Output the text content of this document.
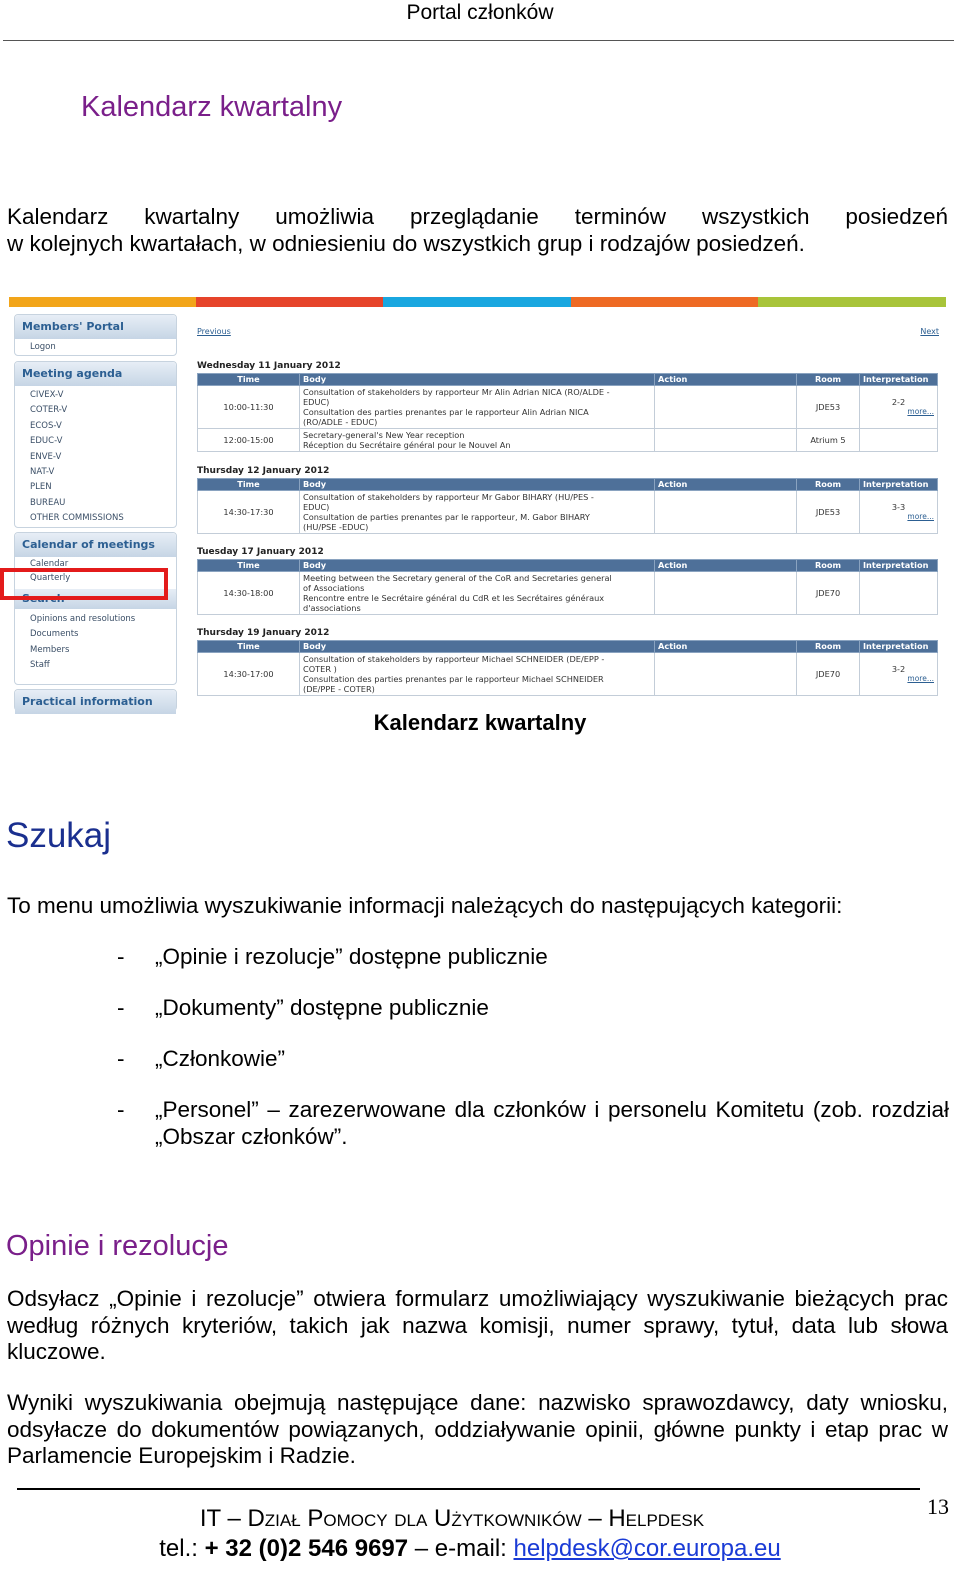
Portal członków
Kalendarz kwartalny
Kalendarz kwartalny umożliwia przeglądanie terminów wszystkich posiedzeń
w kolejnych kwartałach, w odniesieniu do wszystkich grup i rodzajów posiedzeń.
Members' Portal
Logon
Meeting agenda
CIVEX-V
COTER-V
ECOS-V
EDUC-V
ENVE-V
NAT-V
PLEN
BUREAU
OTHER COMMISSIONS
Calendar of meetings
Calendar
Quarterly
Search
Opinions and resolutions
Documents
Members
Staff
Practical information
Previous	Next
Wednesday 11 January 2012
Time	Body	Action	Room	Interpretation
10:00-11:30	Consultation of stakeholders by rapporteur Mr Alin Adrian NICA (RO/ALDE -
EDUC)
Consultation des parties prenantes par le rapporteur Alin Adrian NICA
(RO/ADLE - EDUC)		JDE53	2-2
more...

12:00-15:00	Secretary-general's New Year reception
Réception du Secrétaire général pour le Nouvel An		Atrium 5	
Thursday 12 January 2012
Time	Body	Action	Room	Interpretation
14:30-17:30	Consultation of stakeholders by rapporteur Mr Gabor BIHARY (HU/PES -
EDUC)
Consultation de parties prenantes par le rapporteur, M. Gabor BIHARY
(HU/PSE -EDUC)		JDE53	3-3
more...
Tuesday 17 January 2012
Time	Body	Action	Room	Interpretation
14:30-18:00	Meeting between the Secretary general of the CoR and Secretaries general
of Associations
Rencontre entre le Secrétaire général du CdR et les Secrétaires généraux
d'associations		JDE70	
Thursday 19 January 2012
Time	Body	Action	Room	Interpretation
14:30-17:00	Consultation of stakeholders by rapporteur Michael SCHNEIDER (DE/EPP -
COTER )
Consultation des parties prenantes par le rapporteur Michael SCHNEIDER
(DE/PPE - COTER)		JDE70	3-2
more...
Kalendarz kwartalny
Szukaj
To menu umożliwia wyszukiwanie informacji należących do następujących kategorii:
- „Opinie i rezolucje” dostępne publicznie
- „Dokumenty” dostępne publicznie
- „Członkowie”
- „Personel” – zarezerwowane dla członków i personelu Komitetu (zob. rozdział „Obszar członków”.
Opinie i rezolucje
Odsyłacz „Opinie i rezolucje” otwiera formularz umożliwiający wyszukiwanie bieżących prac według różnych kryteriów, takich jak nazwa komisji, numer sprawy, tytuł, data lub słowa kluczowe.
Wyniki wyszukiwania obejmują następujące dane: nazwisko sprawozdawcy, daty wniosku, odsyłacze do dokumentów powiązanych, oddziaływanie opinii, główne punkty i etap prac w Parlamencie Europejskim i Radzie.
13
IT – Dział Pomocy dla Użytkowników – Helpdesk
tel.: + 32 (0)2 546 9697 – e-mail: helpdesk@cor.europa.eu
